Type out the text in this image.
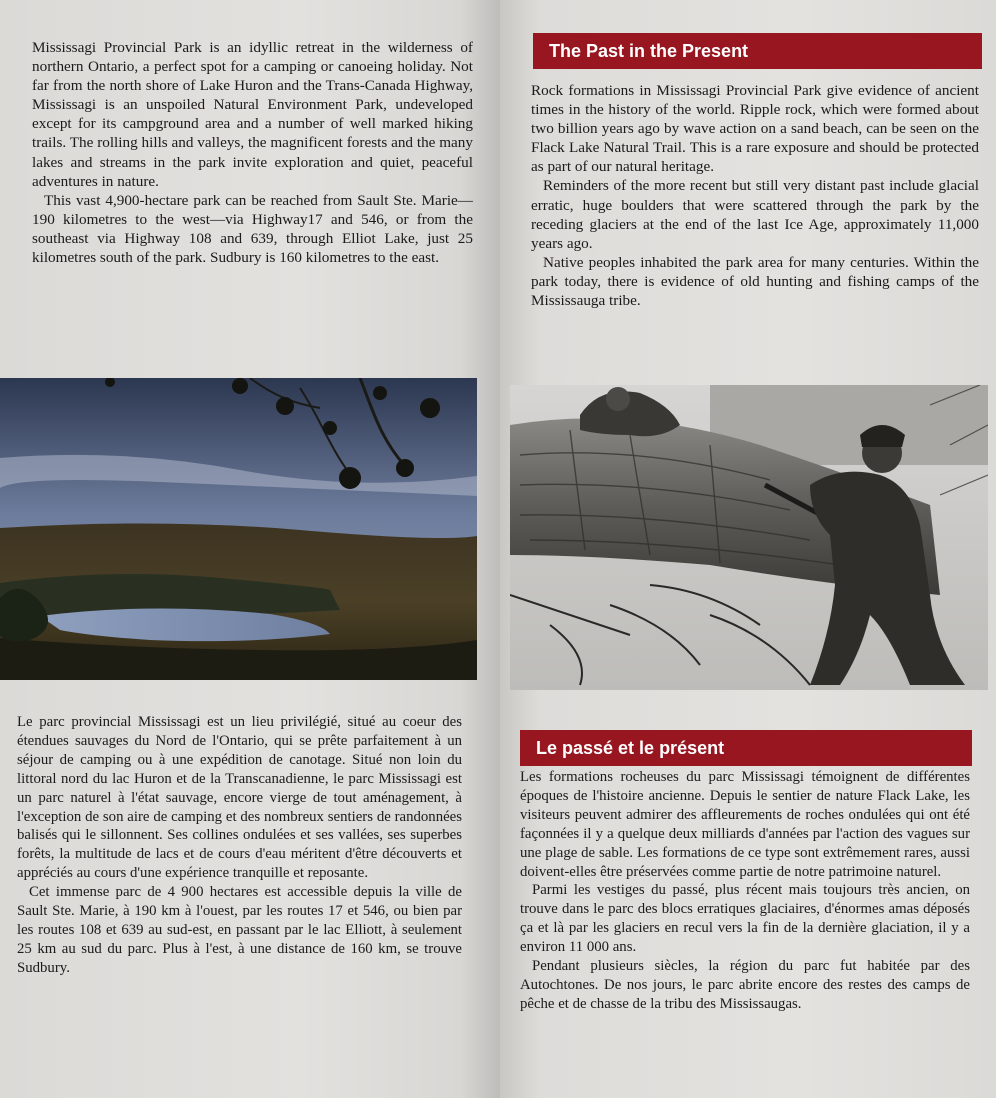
Mississagi Provincial Park is an idyllic retreat in the wilderness of northern Ontario, a perfect spot for a camping or canoeing holiday. Not far from the north shore of Lake Huron and the Trans-Canada Highway, Mississagi is an unspoiled Natural Environment Park, undeveloped except for its campground area and a number of well marked hiking trails. The rolling hills and valleys, the magnificent forests and the many lakes and streams in the park invite exploration and quiet, peaceful adventures in nature.

This vast 4,900-hectare park can be reached from Sault Ste. Marie—190 kilometres to the west—via Highway17 and 546, or from the southeast via Highway 108 and 639, through Elliot Lake, just 25 kilometres south of the park. Sudbury is 160 kilometres to the east.

Le parc provincial Mississagi est un lieu privilégié, situé au coeur des étendues sauvages du Nord de l'Ontario, qui se prête parfaitement à un séjour de camping ou à une expédition de canotage. Situé non loin du littoral nord du lac Huron et de la Transcanadienne, le parc Mississagi est un parc naturel à l'état sauvage, encore vierge de tout aménagement, à l'exception de son aire de camping et des nombreux sentiers de randonnées balisés qui le sillonnent. Ses collines ondulées et ses vallées, ses superbes forêts, la multitude de lacs et de cours d'eau méritent d'être découverts et appréciés au cours d'une expérience tranquille et reposante.

Cet immense parc de 4 900 hectares est accessible depuis la ville de Sault Ste. Marie, à 190 km à l'ouest, par les routes 17 et 546, ou bien par les routes 108 et 639 au sud-est, en passant par le lac Elliott, à seulement 25 km au sud du parc. Plus à l'est, à une distance de 160 km, se trouve Sudbury.

The Past in the Present

Rock formations in Mississagi Provincial Park give evidence of ancient times in the history of the world. Ripple rock, which were formed about two billion years ago by wave action on a sand beach, can be seen on the Flack Lake Natural Trail. This is a rare exposure and should be protected as part of our natural heritage.

Reminders of the more recent but still very distant past include glacial erratic, huge boulders that were scattered through the park by the receding glaciers at the end of the last Ice Age, approximately 11,000 years ago.

Native peoples inhabited the park area for many centuries. Within the park today, there is evidence of old hunting and fishing camps of the Mississauga tribe.

Le passé et le présent

Les formations rocheuses du parc Mississagi témoignent de différentes époques de l'histoire ancienne. Depuis le sentier de nature Flack Lake, les visiteurs peuvent admirer des affleurements de roches ondulées qui ont été façonnées il y a quelque deux milliards d'années par l'action des vagues sur une plage de sable. Les formations de ce type sont extrêmement rares, aussi doivent-elles être préservées comme partie de notre patrimoine naturel.

Parmi les vestiges du passé, plus récent mais toujours très ancien, on trouve dans le parc des blocs erratiques glaciaires, d'énormes amas déposés ça et là par les glaciers en recul vers la fin de la dernière glaciation, il y a environ 11 000 ans.

Pendant plusieurs siècles, la région du parc fut habitée par des Autochtones. De nos jours, le parc abrite encore des restes des camps de pêche et de chasse de la tribu des Mississaugas.
